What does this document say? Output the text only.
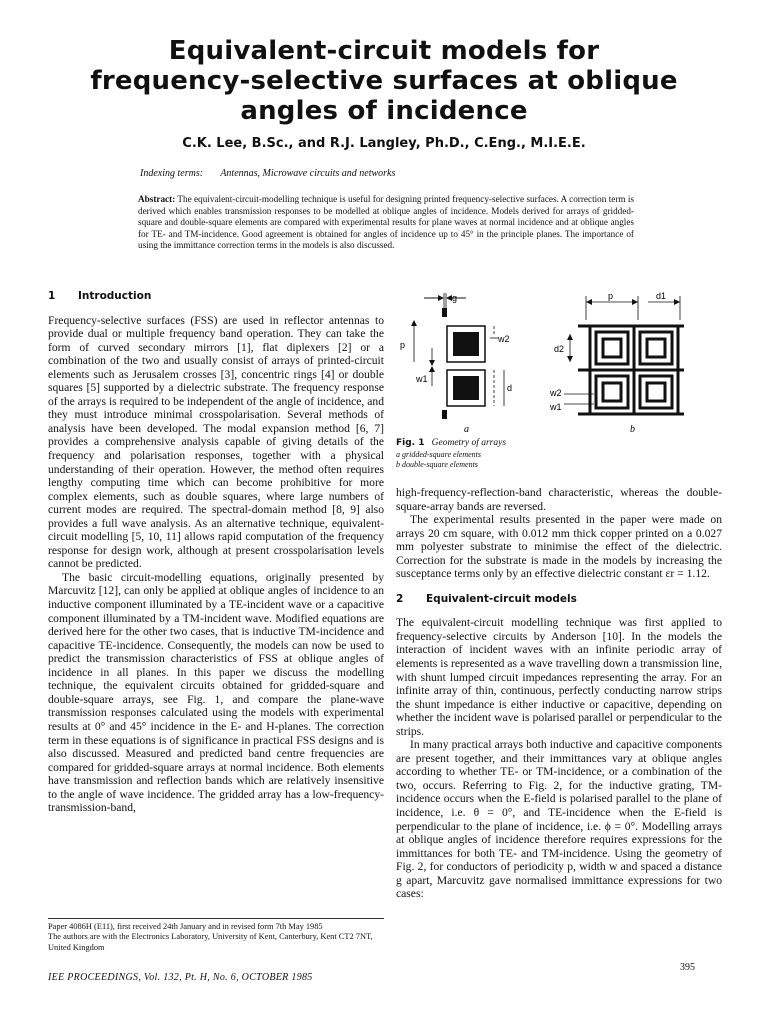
Equivalent-circuit models for
frequency-selective surfaces at oblique
angles of incidence
C.K. Lee, B.Sc., and R.J. Langley, Ph.D., C.Eng., M.I.E.E.
Indexing terms: Antennas, Microwave circuits and networks
Abstract: The equivalent-circuit-modelling technique is useful for designing printed frequency-selective surfaces. A correction term is derived which enables transmission responses to be modelled at oblique angles of incidence. Models derived for arrays of gridded-square and double-square elements are compared with experimental results for plane waves at normal incidence and at oblique angles for TE- and TM-incidence. Good agreement is obtained for angles of incidence up to 45° in the principle planes. The importance of using the immittance correction terms in the models is also discussed.
1 Introduction

Frequency-selective surfaces (FSS) are used in reflector antennas to provide dual or multiple frequency band operation. They can take the form of curved secondary mirrors [1], flat diplexers [2] or a combination of the two and usually consist of arrays of printed-circuit elements such as Jerusalem crosses [3], concentric rings [4] or double squares [5] supported by a dielectric substrate. The frequency response of the arrays is required to be independent of the angle of incidence, and they must introduce minimal crosspolarisation. Several methods of analysis have been developed. The modal expansion method [6, 7] provides a comprehensive analysis capable of giving details of the frequency and polarisation responses, together with a physical understanding of their operation. However, the method often requires lengthy computing time which can become prohibitive for more complex elements, such as double squares, where large numbers of current modes are required. The spectral-domain method [8, 9] also provides a full wave analysis. As an alternative technique, equivalent-circuit modelling [5, 10, 11] allows rapid computation of the frequency response for design work, although at present crosspolarisation levels cannot be predicted.

The basic circuit-modelling equations, originally presented by Marcuvitz [12], can only be applied at oblique angles of incidence to an inductive component illuminated by a TE-incident wave or a capacitive component illuminated by a TM-incident wave. Modified equations are derived here for the other two cases, that is inductive TM-incidence and capacitive TE-incidence. Consequently, the models can now be used to predict the transmission characteristics of FSS at oblique angles of incidence in all planes. In this paper we discuss the modelling technique, the equivalent circuits obtained for gridded-square and double-square arrays, see Fig. 1, and compare the plane-wave transmission responses calculated using the models with experimental results at 0° and 45° incidence in the E- and H-planes. The correction term in these equations is of significance in practical FSS designs and is also discussed. Measured and predicted band centre frequencies are compared for gridded-square arrays at normal incidence. Both elements have transmission and reflection bands which are relatively insensitive to the angle of wave incidence. The gridded array has a low-frequency-transmission-band,

g
p
w1
w2
d
p	d1
d2
w2
w1
a	b
Fig. 1 Geometry of arrays
a gridded-square elements
b double-square elements

high-frequency-reflection-band characteristic, whereas the double-square-array bands are reversed.

The experimental results presented in the paper were made on arrays 20 cm square, with 0.012 mm thick copper printed on a 0.027 mm polyester substrate to minimise the effect of the dielectric. Correction for the substrate is made in the models by increasing the susceptance terms only by an effective dielectric constant εr = 1.12.

2 Equivalent-circuit models

The equivalent-circuit modelling technique was first applied to frequency-selective circuits by Anderson [10]. In the models the interaction of incident waves with an infinite periodic array of elements is represented as a wave travelling down a transmission line, with shunt lumped circuit impedances representing the array. For an infinite array of thin, continuous, perfectly conducting narrow strips the shunt impedance is either inductive or capacitive, depending on whether the incident wave is polarised parallel or perpendicular to the strips.

In many practical arrays both inductive and capacitive components are present together, and their immittances vary at oblique angles according to whether TE- or TM-incidence, or a combination of the two, occurs. Referring to Fig. 2, for the inductive grating, TM-incidence occurs when the E-field is polarised parallel to the plane of incidence, i.e. θ = 0°, and TE-incidence when the E-field is perpendicular to the plane of incidence, i.e. ϕ = 0°. Modelling arrays at oblique angles of incidence therefore requires expressions for the immittances for both TE- and TM-incidence. Using the geometry of Fig. 2, for conductors of periodicity p, width w and spaced a distance g apart, Marcuvitz gave normalised immittance expressions for two cases:

Paper 4086H (E11), first received 24th January and in revised form 7th May 1985
The authors are with the Electronics Laboratory, University of Kent, Canterbury, Kent CT2 7NT, United Kingdom
IEE PROCEEDINGS, Vol. 132, Pt. H, No. 6, OCTOBER 1985
395
